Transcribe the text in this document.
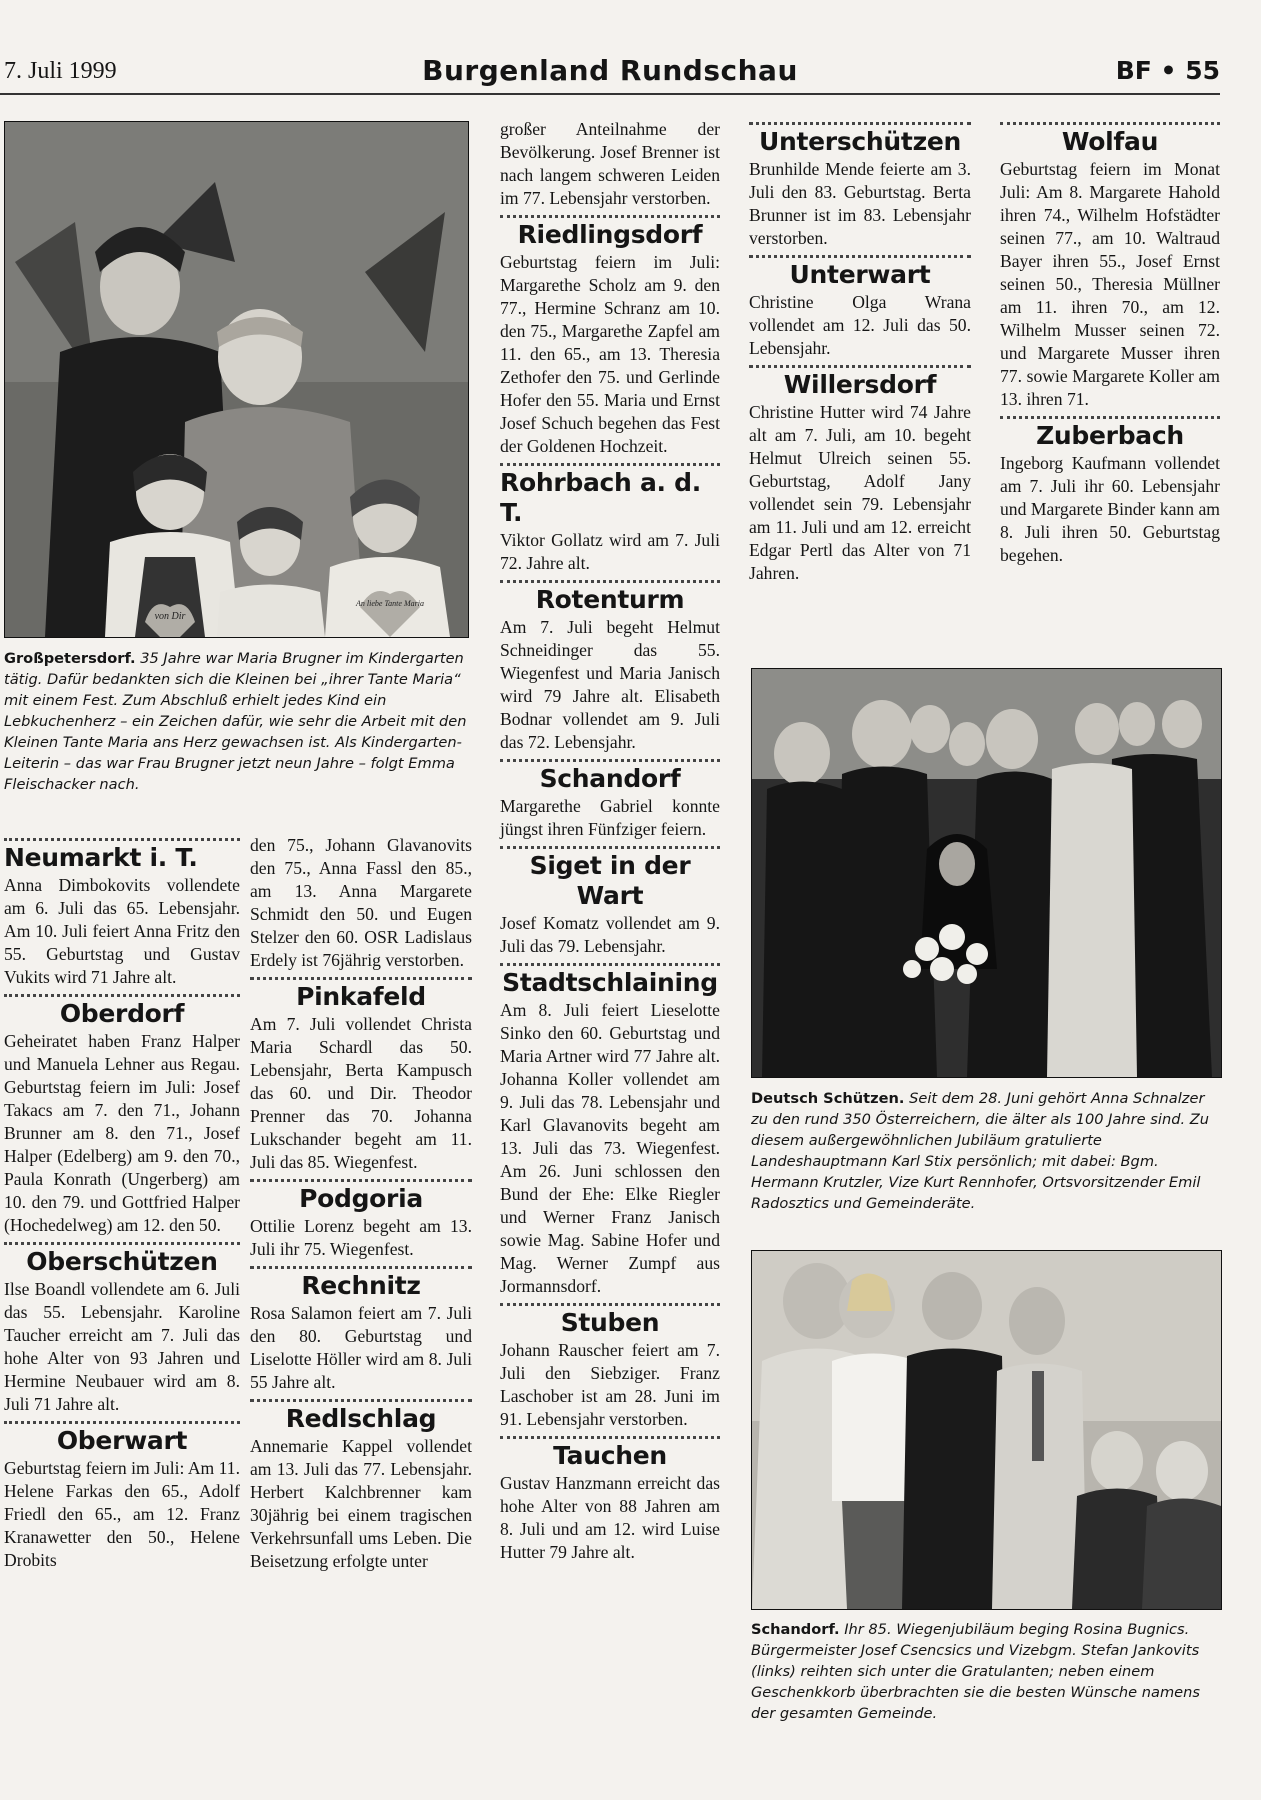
7. Juli 1999	Burgenland Rundschau	BF • 55
von Dir
An liebe Tante Maria
Großpetersdorf. 35 Jahre war Maria Brugner im Kindergarten tätig. Dafür bedankten sich die Kleinen bei „ihrer Tante Maria“ mit einem Fest. Zum Abschluß erhielt jedes Kind ein Lebkuchenherz – ein Zeichen dafür, wie sehr die Arbeit mit den Kleinen Tante Maria ans Herz gewachsen ist. Als Kindergarten-Leiterin – das war Frau Brugner jetzt neun Jahre – folgt Emma Fleischacker nach.
Neumarkt i. T.

Anna Dimbokovits vollendete am 6. Juli das 65. Lebensjahr. Am 10. Juli feiert Anna Fritz den 55. Geburtstag und Gustav Vukits wird 71 Jahre alt.

Oberdorf

Geheiratet haben Franz Halper und Manuela Lehner aus Regau. Geburtstag feiern im Juli: Josef Takacs am 7. den 71., Johann Brunner am 8. den 71., Josef Halper (Edelberg) am 9. den 70., Paula Konrath (Ungerberg) am 10. den 79. und Gottfried Halper (Hochedelweg) am 12. den 50.

Oberschützen

Ilse Boandl vollendete am 6. Juli das 55. Lebensjahr. Karoline Taucher erreicht am 7. Juli das hohe Alter von 93 Jahren und Hermine Neubauer wird am 8. Juli 71 Jahre alt.

Oberwart

Geburtstag feiern im Juli: Am 11. Helene Farkas den 65., Adolf Friedl den 65., am 12. Franz Kranawetter den 50., Helene Drobits

den 75., Johann Glavanovits den 75., Anna Fassl den 85., am 13. Anna Margarete Schmidt den 50. und Eugen Stelzer den 60. OSR Ladislaus Erdely ist 76jährig verstorben.

Pinkafeld

Am 7. Juli vollendet Christa Maria Schardl das 50. Lebensjahr, Berta Kampusch das 60. und Dir. Theodor Prenner das 70. Johanna Lukschander begeht am 11. Juli das 85. Wiegenfest.

Podgoria

Ottilie Lorenz begeht am 13. Juli ihr 75. Wiegenfest.

Rechnitz

Rosa Salamon feiert am 7. Juli den 80. Geburtstag und Liselotte Höller wird am 8. Juli 55 Jahre alt.

Redlschlag

Annemarie Kappel vollendet am 13. Juli das 77. Lebensjahr. Herbert Kalchbrenner kam 30jährig bei einem tragischen Verkehrsunfall ums Leben. Die Beisetzung erfolgte unter

großer Anteilnahme der Bevölkerung. Josef Brenner ist nach langem schweren Leiden im 77. Lebensjahr verstorben.

Riedlingsdorf

Geburtstag feiern im Juli: Margarethe Scholz am 9. den 77., Hermine Schranz am 10. den 75., Margarethe Zapfel am 11. den 65., am 13. Theresia Zethofer den 75. und Gerlinde Hofer den 55. Maria und Ernst Josef Schuch begehen das Fest der Goldenen Hochzeit.

Rohrbach a. d. T.

Viktor Gollatz wird am 7. Juli 72. Jahre alt.

Rotenturm

Am 7. Juli begeht Helmut Schneidinger das 55. Wiegenfest und Maria Janisch wird 79 Jahre alt. Elisabeth Bodnar vollendet am 9. Juli das 72. Lebensjahr.

Schandorf

Margarethe Gabriel konnte jüngst ihren Fünfziger feiern.

Siget in der Wart

Josef Komatz vollendet am 9. Juli das 79. Lebensjahr.

Stadtschlaining

Am 8. Juli feiert Lieselotte Sinko den 60. Geburtstag und Maria Artner wird 77 Jahre alt. Johanna Koller vollendet am 9. Juli das 78. Lebensjahr und Karl Glavanovits begeht am 13. Juli das 73. Wiegenfest. Am 26. Juni schlossen den Bund der Ehe: Elke Riegler und Werner Franz Janisch sowie Mag. Sabine Hofer und Mag. Werner Zumpf aus Jormannsdorf.

Stuben

Johann Rauscher feiert am 7. Juli den Siebziger. Franz Laschober ist am 28. Juni im 91. Lebensjahr verstorben.

Tauchen

Gustav Hanzmann erreicht das hohe Alter von 88 Jahren am 8. Juli und am 12. wird Luise Hutter 79 Jahre alt.

Unterschützen

Brunhilde Mende feierte am 3. Juli den 83. Geburtstag. Berta Brunner ist im 83. Lebensjahr verstorben.

Unterwart

Christine Olga Wrana vollendet am 12. Juli das 50. Lebensjahr.

Willersdorf

Christine Hutter wird 74 Jahre alt am 7. Juli, am 10. begeht Helmut Ulreich seinen 55. Geburtstag, Adolf Jany vollendet sein 79. Lebensjahr am 11. Juli und am 12. erreicht Edgar Pertl das Alter von 71 Jahren.

Wolfau

Geburtstag feiern im Monat Juli: Am 8. Margarete Hahold ihren 74., Wilhelm Hofstädter seinen 77., am 10. Waltraud Bayer ihren 55., Josef Ernst seinen 50., Theresia Müllner am 11. ihren 70., am 12. Wilhelm Musser seinen 72. und Margarete Musser ihren 77. sowie Margarete Koller am 13. ihren 71.

Zuberbach

Ingeborg Kaufmann vollendet am 7. Juli ihr 60. Lebensjahr und Margarete Binder kann am 8. Juli ihren 50. Geburtstag begehen.

Deutsch Schützen. Seit dem 28. Juni gehört Anna Schnalzer zu den rund 350 Österreichern, die älter als 100 Jahre sind. Zu diesem außergewöhnlichen Jubiläum gratulierte Landeshauptmann Karl Stix persönlich; mit dabei: Bgm. Hermann Krutzler, Vize Kurt Rennhofer, Ortsvorsitzender Emil Radosztics und Gemeinderäte.
Schandorf. Ihr 85. Wiegenjubiläum beging Rosina Bugnics. Bürgermeister Josef Csencsics und Vizebgm. Stefan Jankovits (links) reihten sich unter die Gratulanten; neben einem Geschenkkorb überbrachten sie die besten Wünsche namens der gesamten Gemeinde.
